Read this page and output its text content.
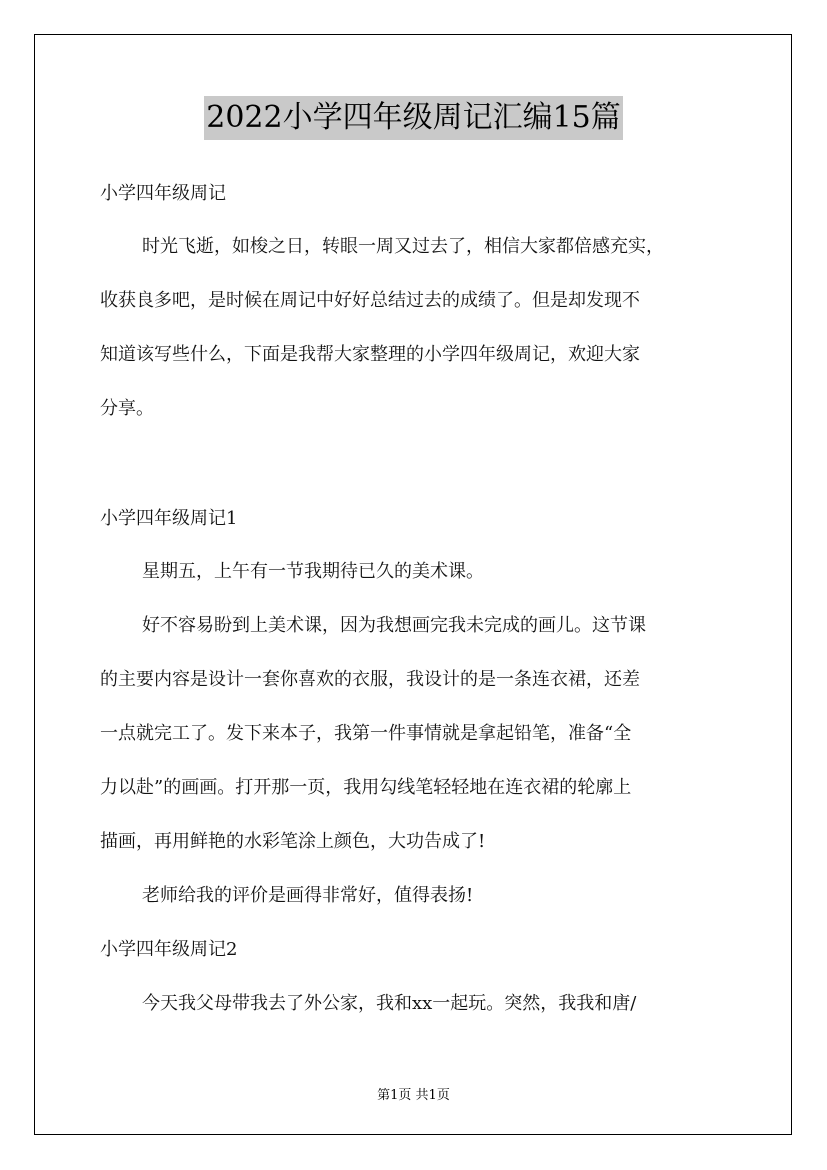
2022小学四年级周记汇编15篇
小学四年级周记
时光飞逝，如梭之日，转眼一周又过去了，相信大家都倍感充实，
收获良多吧，是时候在周记中好好总结过去的成绩了。但是却发现不
知道该写些什么，下面是我帮大家整理的小学四年级周记，欢迎大家
分享。
小学四年级周记1
星期五，上午有一节我期待已久的美术课。
好不容易盼到上美术课，因为我想画完我未完成的画儿。这节课
的主要内容是设计一套你喜欢的衣服，我设计的是一条连衣裙，还差
一点就完工了。发下来本子，我第一件事情就是拿起铅笔，准备“全
力以赴”的画画。打开那一页，我用勾线笔轻轻地在连衣裙的轮廓上
描画，再用鲜艳的水彩笔涂上颜色，大功告成了!
老师给我的评价是画得非常好，值得表扬!
小学四年级周记2
今天我父母带我去了外公家，我和xx一起玩。突然，我我和唐/
第1页 共1页
